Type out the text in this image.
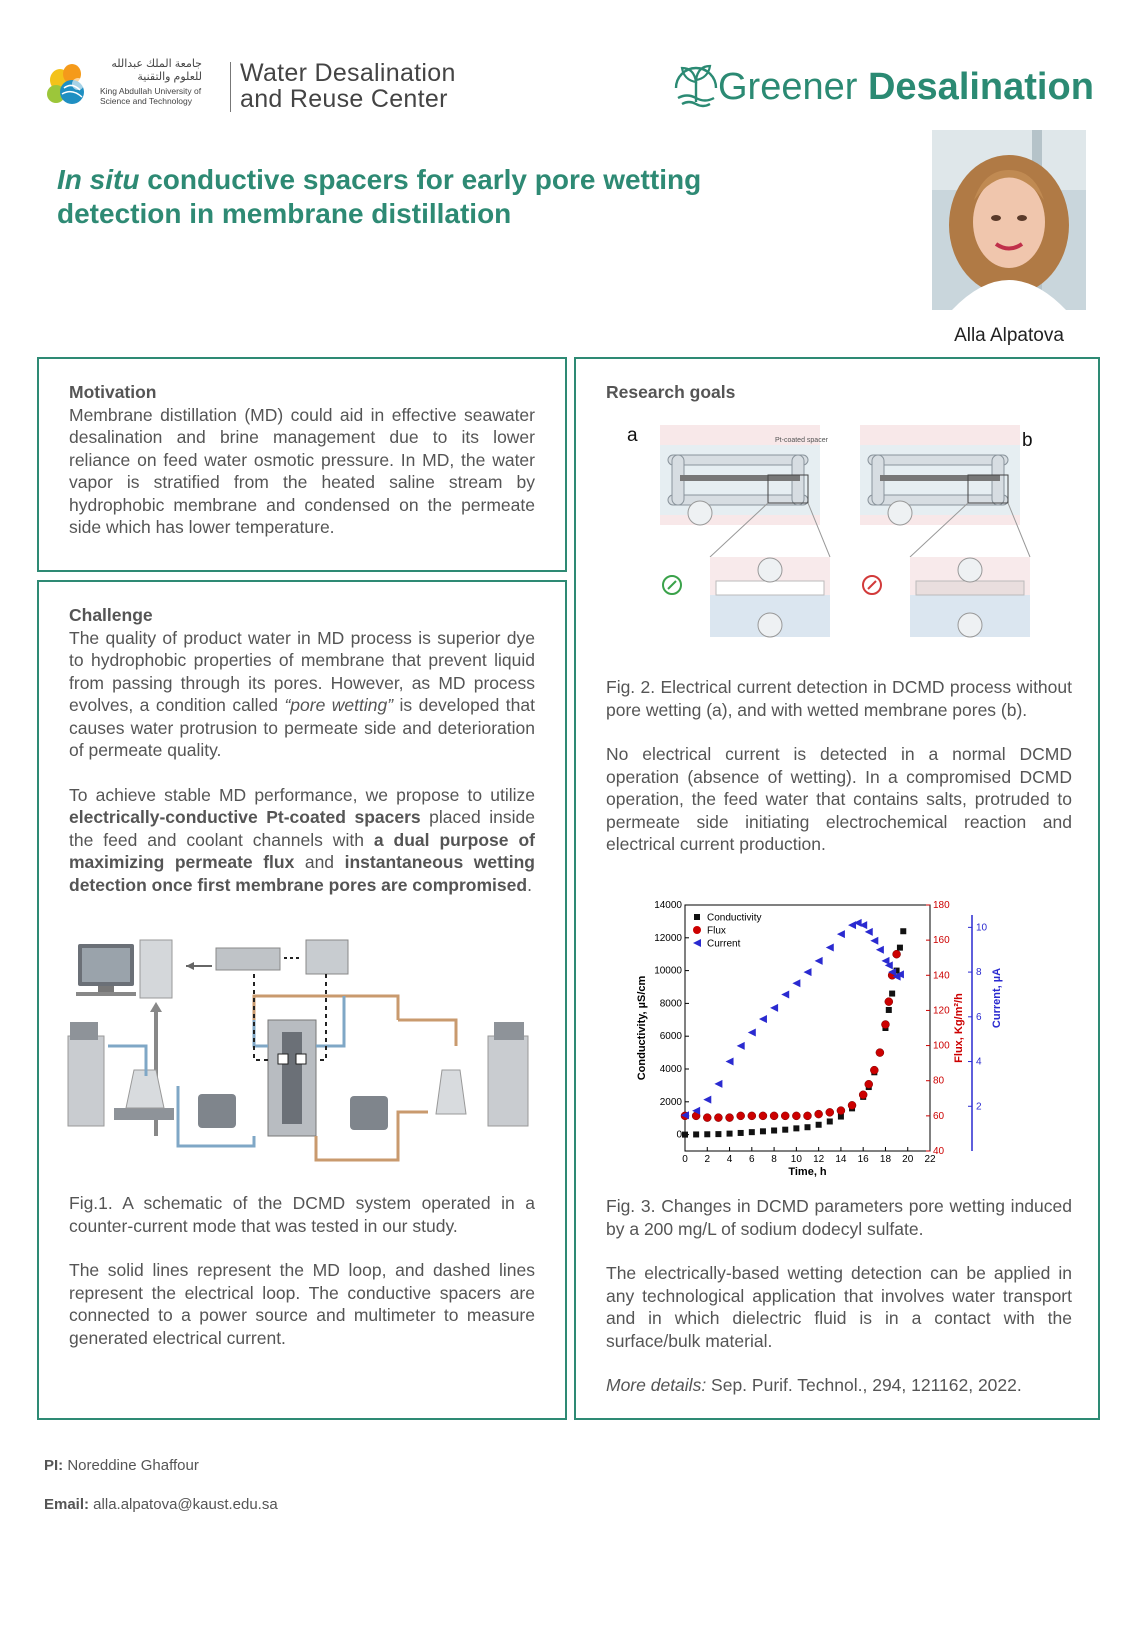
جامعة الملك عبدالله للعلوم والتقنية
King Abdullah University of
Science and Technology
Water Desalination
and Reuse Center	Greener Desalination
In situ conductive spacers for early pore wetting
detection in membrane distillation
Alla Alpatova
Motivation
Membrane distillation (MD) could aid in effective seawater desalination and brine management due to its lower reliance on feed water osmotic pressure. In MD, the water vapor is stratified from the heated saline stream by hydrophobic membrane and condensed on the permeate side which has lower temperature.
Challenge
The quality of product water in MD process is superior dye to hydrophobic properties of membrane that prevent liquid from passing through its pores. However, as MD process evolves, a condition called “pore wetting” is developed that causes water protrusion to permeate side and deterioration of permeate quality.
To achieve stable MD performance, we propose to utilize electrically-conductive Pt-coated spacers placed inside the feed and coolant channels with a dual purpose of maximizing permeate flux and instantaneous wetting detection once first membrane pores are compromised.
Fig.1. A schematic of the DCMD system operated in a counter-current mode that was tested in our study.
The solid lines represent the MD loop, and dashed lines represent the electrical loop. The conductive spacers are connected to a power source and multimeter to measure generated electrical current.
Research goals
a	b
Pt-coated spacer
Fig. 2. Electrical current detection in DCMD process without pore wetting (a), and with wetted membrane pores (b).
No electrical current is detected in a normal DCMD operation (absence of wetting). In a compromised DCMD operation, the feed water that contains salts, protruded to permeate side initiating electrochemical reaction and electrical current production.
0 2 4 6 8 10 12 14 16 18 20 22
Time, h
0
2000
4000
6000
8000
10000
12000
14000
Conductivity, µS/cm
40
60
80
100
120
140
160
180
Flux, Kg/m²/h
2
4
6
8
10
Current, µA
Conductivity
Flux
Current
Fig. 3. Changes in DCMD parameters pore wetting induced by a 200 mg/L of sodium dodecyl sulfate.
The electrically-based wetting detection can be applied in any technological application that involves water transport and in which dielectric fluid is in a contact with the surface/bulk material.
More details: Sep. Purif. Technol., 294, 121162, 2022.
PI: Noreddine Ghaffour
Email: alla.alpatova@kaust.edu.sa
